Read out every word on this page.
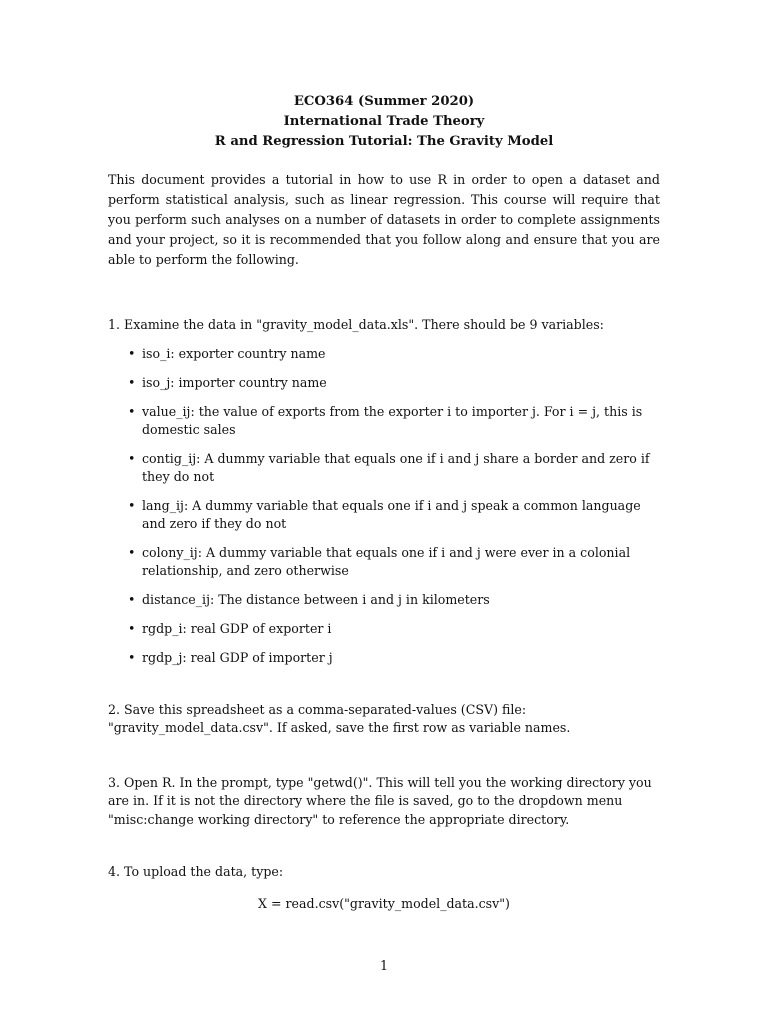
ECO364 (Summer 2020)
International Trade Theory
R and Regression Tutorial: The Gravity Model

This document provides a tutorial in how to use R in order to open a dataset and perform statistical analysis, such as linear regression. This course will require that you perform such analyses on a number of datasets in order to complete assignments and your project, so it is recommended that you follow along and ensure that you are able to perform the following.

1. Examine the data in "gravity_model_data.xls". There should be 9 variables:
• iso_i: exporter country name
• iso_j: importer country name
• value_ij: the value of exports from the exporter i to importer j. For i = j, this is domestic sales
• contig_ij: A dummy variable that equals one if i and j share a border and zero if they do not
• lang_ij: A dummy variable that equals one if i and j speak a common language and zero if they do not
• colony_ij: A dummy variable that equals one if i and j were ever in a colonial relationship, and zero otherwise
• distance_ij: The distance between i and j in kilometers
• rgdp_i: real GDP of exporter i
• rgdp_j: real GDP of importer j
2. Save this spreadsheet as a comma-separated-values (CSV) file: "gravity_model_data.csv". If asked, save the first row as variable names.
3. Open R. In the prompt, type "getwd()". This will tell you the working directory you are in. If it is not the directory where the file is saved, go to the dropdown menu "misc:change working directory" to reference the appropriate directory.
4. To upload the data, type:
X = read.csv("gravity_model_data.csv")
1
